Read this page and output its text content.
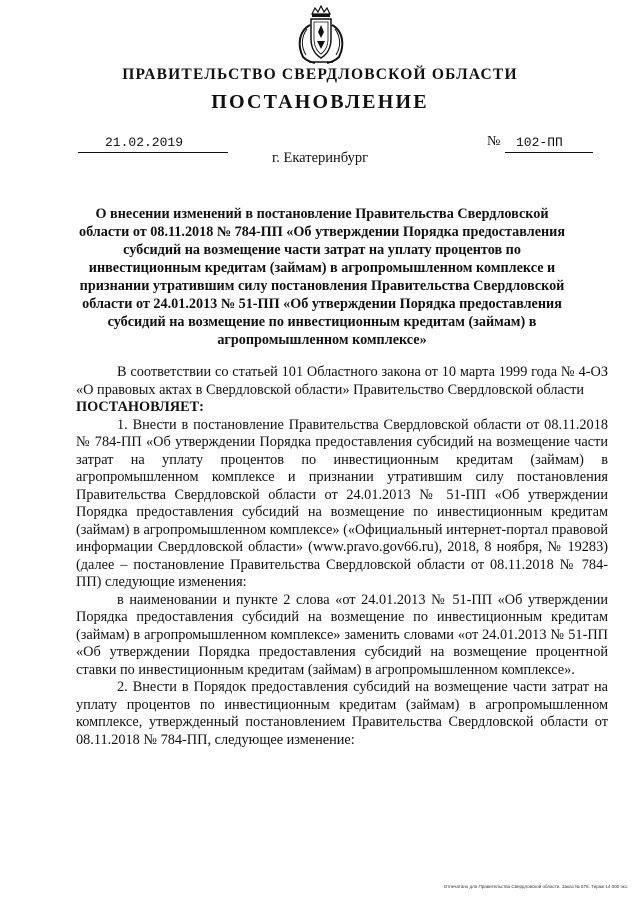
ПРАВИТЕЛЬСТВО СВЕРДЛОВСКОЙ ОБЛАСТИ
ПОСТАНОВЛЕНИЕ
21.02.2019	№ 102-ПП
г. Екатеринбург
О внесении изменений в постановление Правительства Свердловской области от 08.11.2018 № 784-ПП «Об утверждении Порядка предоставления субсидий на возмещение части затрат на уплату процентов по инвестиционным кредитам (займам) в агропромышленном комплексе и признании утратившим силу постановления Правительства Свердловской области от 24.01.2013 № 51-ПП «Об утверждении Порядка предоставления субсидий на возмещение по инвестиционным кредитам (займам) в агропромышленном комплексе»

В соответствии со статьей 101 Областного закона от 10 марта 1999 года № 4-ОЗ «О правовых актах в Свердловской области» Правительство Свердловской области

ПОСТАНОВЛЯЕТ:

1. Внести в постановление Правительства Свердловской области от 08.11.2018 № 784-ПП «Об утверждении Порядка предоставления субсидий на возмещение части затрат на уплату процентов по инвестиционным кредитам (займам) в агропромышленном комплексе и признании утратившим силу постановления Правительства Свердловской области от 24.01.2013 № 51-ПП «Об утверждении Порядка предоставления субсидий на возмещение по инвестиционным кредитам (займам) в агропромышленном комплексе» («Официальный интернет-портал правовой информации Свердловской области» (www.pravo.gov66.ru), 2018, 8 ноября, № 19283) (далее – постановление Правительства Свердловской области от 08.11.2018 № 784-ПП) следующие изменения:

в наименовании и пункте 2 слова «от 24.01.2013 № 51-ПП «Об утверждении Порядка предоставления субсидий на возмещение по инвестиционным кредитам (займам) в агропромышленном комплексе» заменить словами «от 24.01.2013 № 51-ПП «Об утверждении Порядка предоставления субсидий на возмещение процентной ставки по инвестиционным кредитам (займам) в агропромышленном комплексе».

2. Внести в Порядок предоставления субсидий на возмещение части затрат на уплату процентов по инвестиционным кредитам (займам) в агропромышленном комплексе, утвержденный постановлением Правительства Свердловской области от 08.11.2018 № 784-ПП, следующее изменение:

Отпечатано для Правительства Свердловской области. Заказ № 576. Тираж 14 000 экз.
